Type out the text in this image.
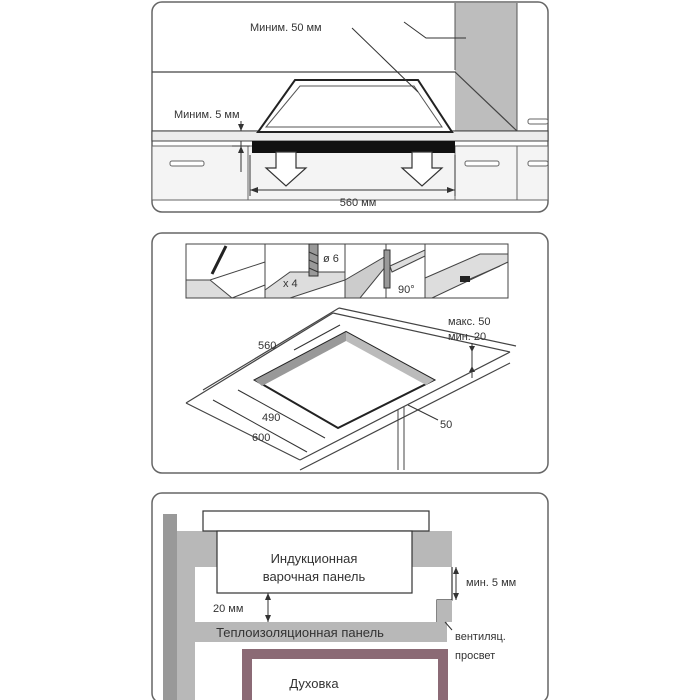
560 мм
Миним. 50 мм
Миним. 5 мм
ø 6
x 4	90°
560
490
600
50
макс. 50
мин. 20
Индукционная
варочная панель
Теплоизоляционная панель
20 мм
мин. 5 мм
вентиляц.
просвет
Духовка
